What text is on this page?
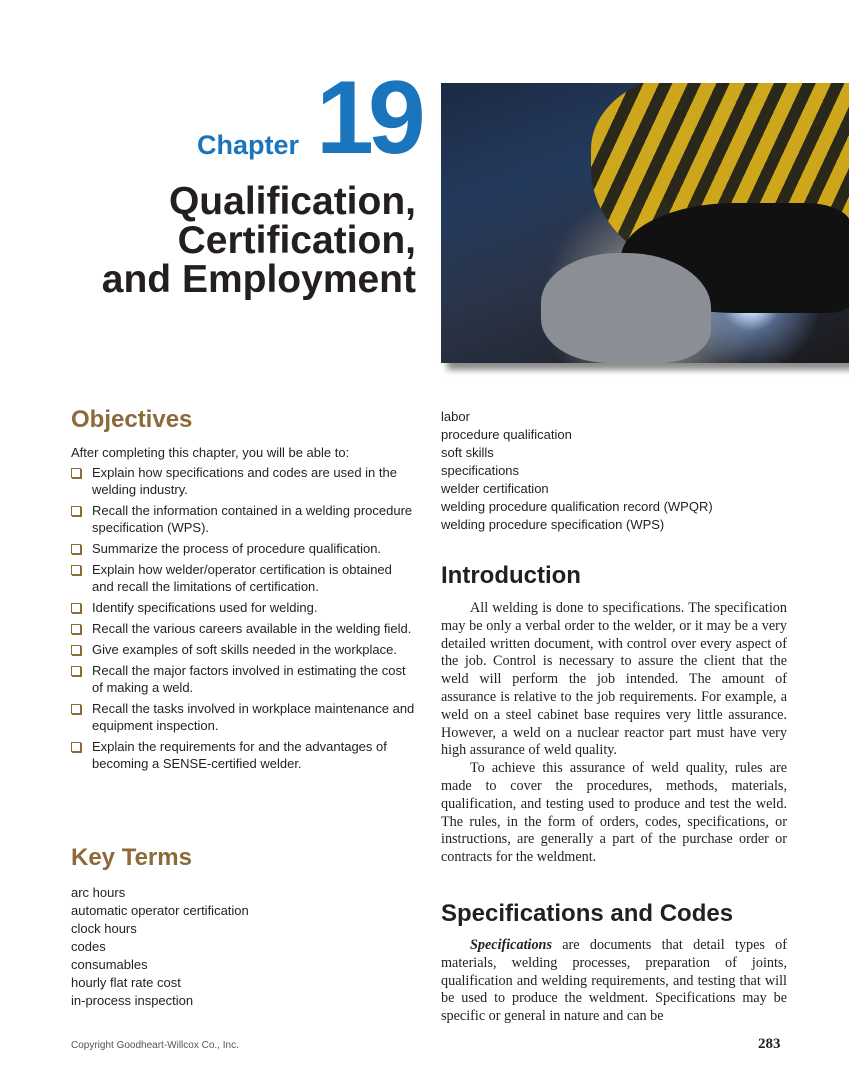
Chapter 19
Qualification,
Certification,
and Employment
Objectives
After completing this chapter, you will be able to:
Explain how specifications and codes are used in the welding industry.
Recall the information contained in a welding procedure specification (WPS).
Summarize the process of procedure qualification.
Explain how welder/operator certification is obtained and recall the limitations of certification.
Identify specifications used for welding.
Recall the various careers available in the welding field.
Give examples of soft skills needed in the workplace.
Recall the major factors involved in estimating the cost of making a weld.
Recall the tasks involved in workplace maintenance and equipment inspection.
Explain the requirements for and the advantages of becoming a SENSE-certified welder.
Key Terms
arc hours
automatic operator certification
clock hours
codes
consumables
hourly flat rate cost
in-process inspection
labor
procedure qualification
soft skills
specifications
welder certification
welding procedure qualification record (WPQR)
welding procedure specification (WPS)
Introduction

All welding is done to specifications. The specification may be only a verbal order to the welder, or it may be a very detailed written document, with control over every aspect of the job. Control is necessary to assure the client that the weld will perform the job intended. The amount of assurance is relative to the job requirements. For example, a weld on a steel cabinet base requires very little assurance. However, a weld on a nuclear reactor part must have very high assurance of weld quality.

To achieve this assurance of weld quality, rules are made to cover the procedures, methods, materials, qualification, and testing used to produce and test the weld. The rules, in the form of orders, codes, specifications, or instructions, are generally a part of the purchase order or contracts for the weldment.

Specifications and Codes

Specifications are documents that detail types of materials, welding processes, preparation of joints, qualification and welding requirements, and testing that will be used to produce the weldment. Specifications may be specific or general in nature and can be

Copyright Goodheart-Willcox Co., Inc.	283
